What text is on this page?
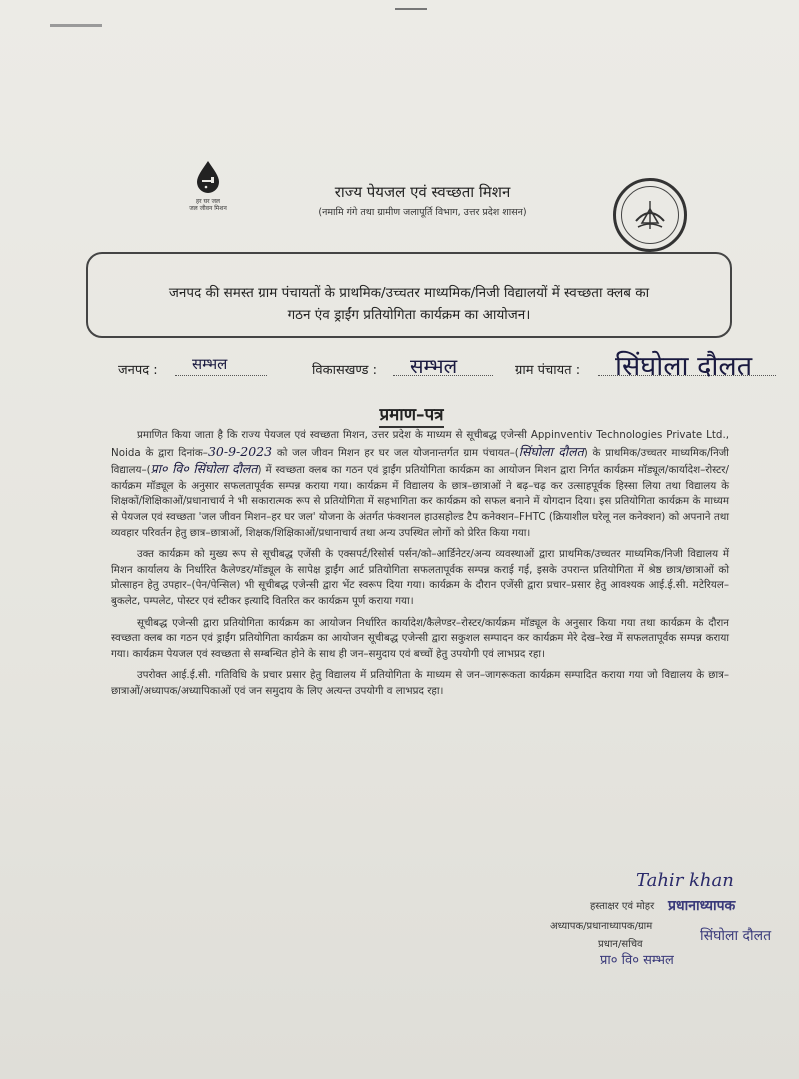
हर घर जल
जल जीवन मिशन
राज्य पेयजल एवं स्वच्छता मिशन
(नमामि गंगे तथा ग्रामीण जलापूर्ति विभाग, उत्तर प्रदेश शासन)
जनपद की समस्त ग्राम पंचायतों के प्राथमिक/उच्चतर माध्यमिक/निजी विद्यालयों में स्वच्छता क्लब का
गठन एंव ड्राईंग प्रतियोगिता कार्यक्रम का आयोजन।
जनपद : सम्भल	विकासखण्ड : सम्भल	ग्राम पंचायत : सिंघोला दौलत
प्रमाण–पत्र

प्रमाणित किया जाता है कि राज्य पेयजल एवं स्वच्छता मिशन, उत्तर प्रदेश के माध्यम से सूचीबद्ध एजेन्सी Appinventiv Technologies Private Ltd., Noida के द्वारा दिनांक–30-9-2023 को जल जीवन मिशन हर घर जल योजनान्तर्गत ग्राम पंचायत–(सिंघोला दौलत) के प्राथमिक/उच्चतर माध्यमिक/निजी विद्यालय–(प्रा० वि० सिंघोला दौलत) में स्वच्छता क्लब का गठन एवं ड्राईंग प्रतियोगिता कार्यक्रम का आयोजन मिशन द्वारा निर्गत कार्यक्रम मॉड्यूल/कार्यादेश–रोस्टर/कार्यक्रम मॉड्यूल के अनुसार सफलतापूर्वक सम्पन्न कराया गया। कार्यक्रम में विद्यालय के छात्र–छात्राओं ने बढ़–चढ़ कर उत्साहपूर्वक हिस्सा लिया तथा विद्यालय के शिक्षकों/शिक्षिकाओं/प्रधानाचार्य ने भी सकारात्मक रूप से प्रतियोगिता में सहभागिता कर कार्यक्रम को सफल बनाने में योगदान दिया। इस प्रतियोगिता कार्यक्रम के माध्यम से पेयजल एवं स्वच्छता 'जल जीवन मिशन–हर घर जल' योजना के अंतर्गत फंक्शनल हाउसहोल्ड टैप कनेक्शन–FHTC (क्रियाशील घरेलू नल कनेक्शन) को अपनाने तथा व्यवहार परिवर्तन हेतु छात्र–छात्राओं, शिक्षक/शिक्षिकाओं/प्रधानाचार्य तथा अन्य उपस्थित लोगों को प्रेरित किया गया।

उक्त कार्यक्रम को मुख्य रूप से सूचीबद्ध एजेंसी के एक्सपर्ट/रिसोर्स पर्सन/को–आर्डिनेटर/अन्य व्यवस्थाओं द्वारा प्राथमिक/उच्चतर माध्यमिक/निजी विद्यालय में मिशन कार्यालय के निर्धारित कैलेण्डर/मॉड्यूल के सापेक्ष ड्राईंग आर्ट प्रतियोगिता सफलतापूर्वक सम्पन्न कराई गई, इसके उपरान्त प्रतियोगिता में श्रेष्ठ छात्र/छात्राओं को प्रोत्साहन हेतु उपहार–(पेन/पेन्सिल) भी सूचीबद्ध एजेन्सी द्वारा भेंट स्वरूप दिया गया। कार्यक्रम के दौरान एजेंसी द्वारा प्रचार–प्रसार हेतु आवश्यक आई.ई.सी. मटेरियल–बुकलेट, पम्पलेट, पोस्टर एवं स्टीकर इत्यादि वितरित कर कार्यक्रम पूर्ण कराया गया।

सूचीबद्ध एजेन्सी द्वारा प्रतियोगिता कार्यक्रम का आयोजन निर्धारित कार्यादेश/कैलेण्डर–रोस्टर/कार्यक्रम मॉड्यूल के अनुसार किया गया तथा कार्यक्रम के दौरान स्वच्छता क्लब का गठन एवं ड्राईंग प्रतियोगिता कार्यक्रम का आयोजन सूचीबद्ध एजेन्सी द्वारा सकुशल सम्पादन कर कार्यक्रम मेरे देख–रेख में सफलतापूर्वक सम्पन्न कराया गया। कार्यक्रम पेयजल एवं स्वच्छता से सम्बन्धित होने के साथ ही जन–समुदाय एवं बच्चों हेतु उपयोगी एवं लाभप्रद रहा।

उपरोक्त आई.ई.सी. गतिविधि के प्रचार प्रसार हेतु विद्यालय में प्रतियोगिता के माध्यम से जन–जागरूकता कार्यक्रम सम्पादित कराया गया जो विद्यालय के छात्र–छात्राओं/अध्यापक/अध्यापिकाओं एवं जन समुदाय के लिए अत्यन्त उपयोगी व लाभप्रद रहा।

Tahir khan
हस्ताक्षर एवं मोहर प्रधानाध्यापक
अध्यापक/प्रधानाध्यापक/ग्राम
सिंघोला दौलत
प्रधान/सचिव
प्रा० वि० सम्भल
